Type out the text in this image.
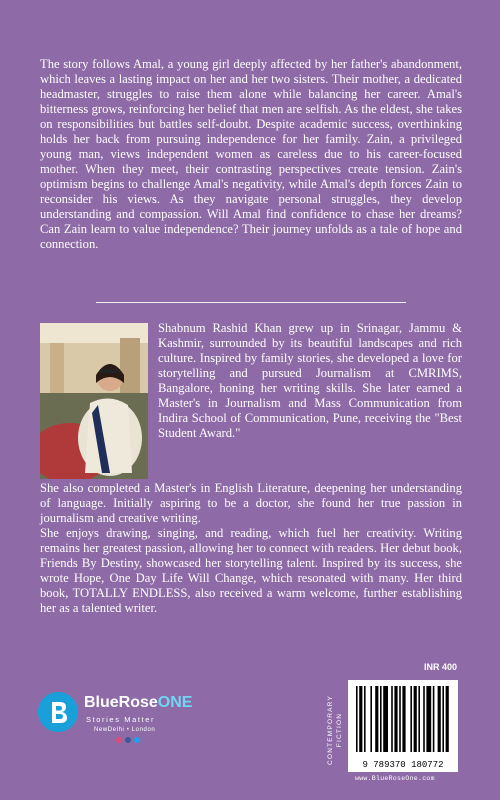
The story follows Amal, a young girl deeply affected by her father's abandonment, which leaves a lasting impact on her and her two sisters. Their mother, a dedicated headmaster, struggles to raise them alone while balancing her career. Amal's bitterness grows, reinforcing her belief that men are selfish. As the eldest, she takes on responsibilities but battles self-doubt. Despite academic success, overthinking holds her back from pursuing independence for her family. Zain, a privileged young man, views independent women as careless due to his career-focused mother. When they meet, their contrasting perspectives create tension. Zain's optimism begins to challenge Amal's negativity, while Amal's depth forces Zain to reconsider his views. As they navigate personal struggles, they develop understanding and compassion. Will Amal find confidence to chase her dreams? Can Zain learn to value independence? Their journey unfolds as a tale of hope and connection.

Shabnum Rashid Khan grew up in Srinagar, Jammu & Kashmir, surrounded by its beautiful landscapes and rich culture. Inspired by family stories, she developed a love for storytelling and pursued Journalism at CMRIMS, Bangalore, honing her writing skills. She later earned a Master's in Journalism and Mass Communication from Indira School of Communication, Pune, receiving the "Best Student Award."

She also completed a Master's in English Literature, deepening her understanding of language. Initially aspiring to be a doctor, she found her true passion in journalism and creative writing.

She enjoys drawing, singing, and reading, which fuel her creativity. Writing remains her greatest passion, allowing her to connect with readers. Her debut book, Friends By Destiny, showcased her storytelling talent. Inspired by its success, she wrote Hope, One Day Life Will Change, which resonated with many. Her third book, TOTALLY ENDLESS, also received a warm welcome, further establishing her as a talented writer.

BlueRoseONE
Stories Matter
NewDelhi • London
INR 400
CONTEMPORARY FICTION
9 789370 180772
www.BlueRoseOne.com
